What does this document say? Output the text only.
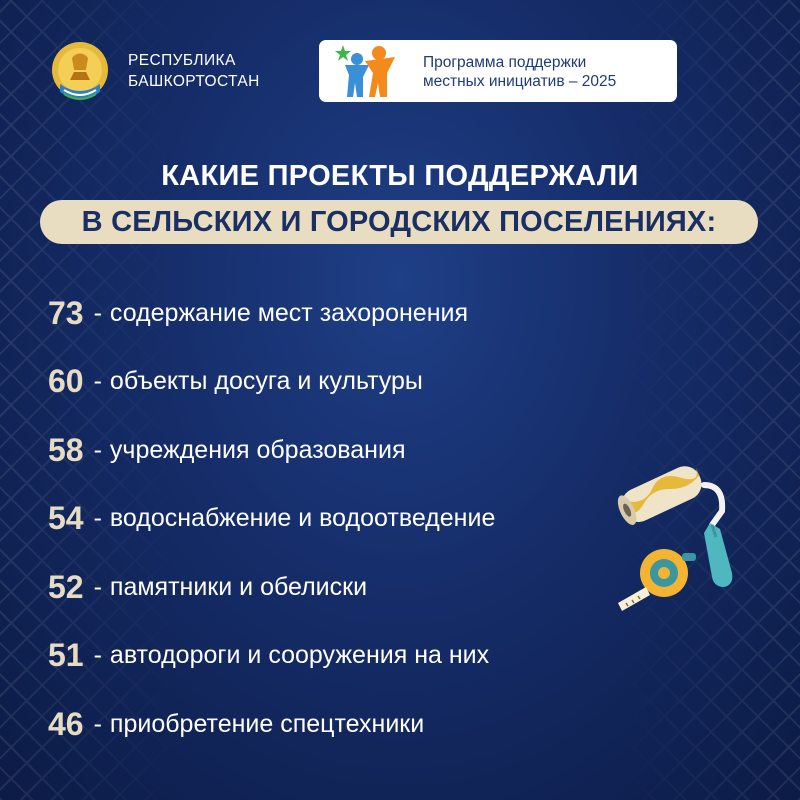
РЕСПУБЛИКА
БАШКОРТОСТАН
Программа поддержки
местных инициатив – 2025
КАКИЕ ПРОЕКТЫ ПОДДЕРЖАЛИ
В СЕЛЬСКИХ И ГОРОДСКИХ ПОСЕЛЕНИЯХ:
73 - содержание мест захоронения
60 - объекты досуга и культуры
58 - учреждения образования
54 - водоснабжение и водоотведение
52 - памятники и обелиски
51 - автодороги и сооружения на них
46 - приобретение спецтехники
